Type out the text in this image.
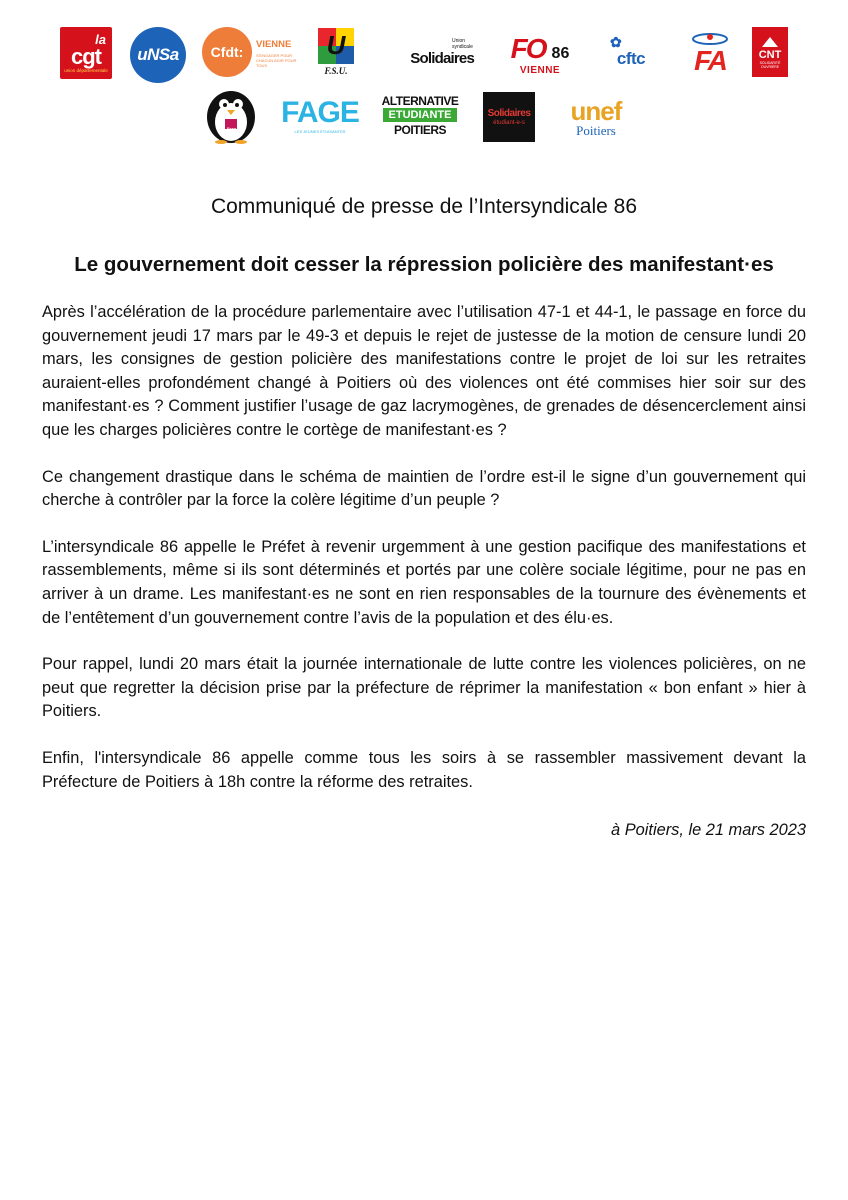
la
cgt
union départementale
uNSa Cfdt: VIENNE
S'ENGAGER POUR CHACUN AGIR POUR TOUS
U
F.S.U.
Union syndicale
Solidaires FO 86
VIENNE
✿
cftc FA	CNT
SOLIDARITÉ OUVRIÈRE
Fsep FAGE
LES JEUNES ÉTUDIANTES
ALTERNATIVE
ETUDIANTE
POITIERS
Solidaires
étudiant-e-s unef
Poitiers
Communiqué de presse de l’Intersyndicale 86
Le gouvernement doit cesser la répression policière des manifestant·es

Après l’accélération de la procédure parlementaire avec l’utilisation 47-1 et 44-1, le passage en force du gouvernement jeudi 17 mars par le 49-3 et depuis le rejet de justesse de la motion de censure lundi 20 mars, les consignes de gestion policière des manifestations contre le projet de loi sur les retraites auraient-elles profondément changé à Poitiers où des violences ont été commises hier soir sur des manifestant·es ? Comment justifier l’usage de gaz lacrymogènes, de grenades de désencerclement ainsi que les charges policières contre le cortège de manifestant·es ?

Ce changement drastique dans le schéma de maintien de l’ordre est-il le signe d’un gouvernement qui cherche à contrôler par la force la colère légitime d’un peuple ?

L’intersyndicale 86 appelle le Préfet à revenir urgemment à une gestion pacifique des manifestations et rassemblements, même si ils sont déterminés et portés par une colère sociale légitime, pour ne pas en arriver à un drame. Les manifestant·es ne sont en rien responsables de la tournure des évènements et de l’entêtement d’un gouvernement contre l’avis de la population et des élu·es.

Pour rappel, lundi 20 mars était la journée internationale de lutte contre les violences policières, on ne peut que regretter la décision prise par la préfecture de réprimer la manifestation « bon enfant » hier à Poitiers.

Enfin, l'intersyndicale 86 appelle comme tous les soirs à se rassembler massivement devant la Préfecture de Poitiers à 18h contre la réforme des retraites.

à Poitiers, le 21 mars 2023
